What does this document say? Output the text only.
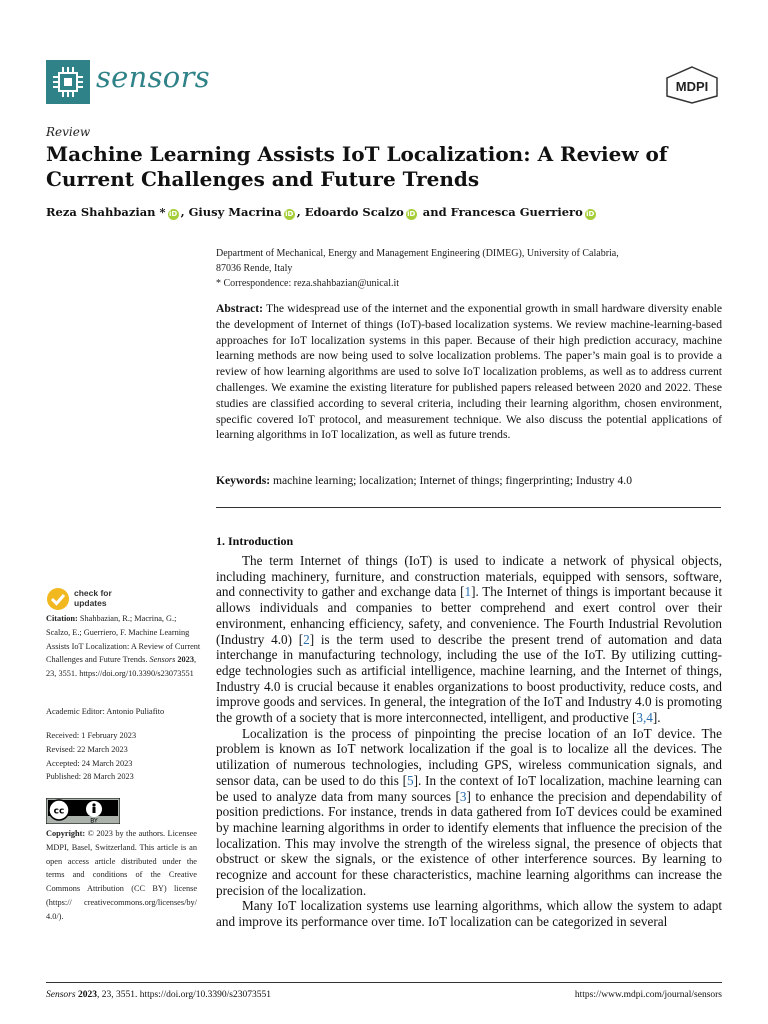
sensors	MDPI
Review
Machine Learning Assists IoT Localization: A Review of Current Challenges and Future Trends
Reza Shahbazian * iD , Giusy Macrina iD , Edoardo Scalzo iD and Francesca Guerriero iD
Department of Mechanical, Energy and Management Engineering (DIMEG), University of Calabria,
87036 Rende, Italy
* Correspondence: reza.shahbazian@unical.it
Abstract: The widespread use of the internet and the exponential growth in small hardware diversity enable the development of Internet of things (IoT)-based localization systems. We review machine-learning-based approaches for IoT localization systems in this paper. Because of their high prediction accuracy, machine learning methods are now being used to solve localization problems. The paper’s main goal is to provide a review of how learning algorithms are used to solve IoT localization problems, as well as to address current challenges. We examine the existing literature for published papers released between 2020 and 2022. These studies are classified according to several criteria, including their learning algorithm, chosen environment, specific covered IoT protocol, and measurement technique. We also discuss the potential applications of learning algorithms in IoT localization, as well as future trends.
Keywords: machine learning; localization; Internet of things; fingerprinting; Industry 4.0
1. Introduction

The term Internet of things (IoT) is used to indicate a network of physical objects, including machinery, furniture, and construction materials, equipped with sensors, software, and connectivity to gather and exchange data [1]. The Internet of things is important because it allows individuals and companies to better comprehend and exert control over their environment, enhancing efficiency, safety, and convenience. The Fourth Industrial Revolution (Industry 4.0) [2] is the term used to describe the present trend of automation and data interchange in manufacturing technology, including the use of the IoT. By utilizing cutting-edge technologies such as artificial intelligence, machine learning, and the Internet of things, Industry 4.0 is crucial because it enables organizations to boost productivity, reduce costs, and improve goods and services. In general, the integration of the IoT and Industry 4.0 is promoting the growth of a society that is more interconnected, intelligent, and productive [3,4].

Localization is the process of pinpointing the precise location of an IoT device. The problem is known as IoT network localization if the goal is to localize all the devices. The utilization of numerous technologies, including GPS, wireless communication signals, and sensor data, can be used to do this [5]. In the context of IoT localization, machine learning can be used to analyze data from many sources [3] to enhance the precision and dependability of position predictions. For instance, trends in data gathered from IoT devices could be examined by machine learning algorithms in order to identify elements that influence the precision of the localization. This may involve the strength of the wireless signal, the presence of objects that obstruct or skew the signals, or the existence of other interference sources. By learning to recognize and account for these characteristics, machine learning algorithms can increase the precision of the localization.

Many IoT localization systems use learning algorithms, which allow the system to adapt and improve its performance over time. IoT localization can be categorized in several

check for
updates
Citation: Shahbazian, R.; Macrina, G.; Scalzo, E.; Guerriero, F. Machine Learning Assists IoT Localization: A Review of Current Challenges and Future Trends. Sensors 2023, 23, 3551. https://doi.org/10.3390/s23073551
Academic Editor: Antonio Puliafito
Received: 1 February 2023
Revised: 22 March 2023
Accepted: 24 March 2023
Published: 28 March 2023
cc
BY
Copyright: © 2023 by the authors. Licensee MDPI, Basel, Switzerland. This article is an open access article distributed under the terms and conditions of the Creative Commons Attribution (CC BY) license (https:// creativecommons.org/licenses/by/ 4.0/).
Sensors 2023, 23, 3551. https://doi.org/10.3390/s23073551	https://www.mdpi.com/journal/sensors
